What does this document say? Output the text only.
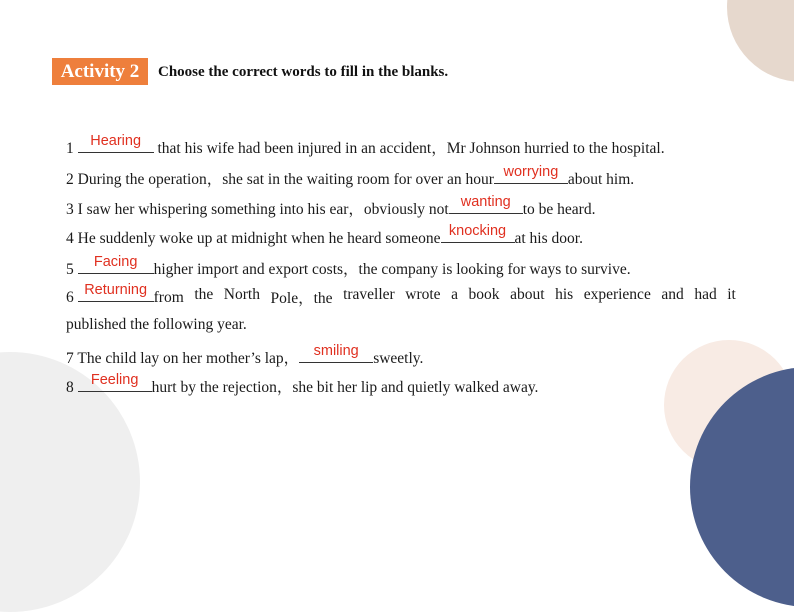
Activity 2	Choose the correct words to fill in the blanks.
1	Hearing	that his wife had been injured in an accident，Mr Johnson hurried to the hospital.
2 During the operation，she sat in the waiting room for over an hour worrying about him.
3 I saw her whispering something into his ear，obviously not wanting to be heard.
4 He suddenly woke up at midnight when he heard someone knocking at his door.
5	Facing	higher import and export costs，the company is looking for ways to survive.
6 Returning from the North Pole，the traveller wrote a book about his experience and had it
published the following year.
7 The child lay on her mother’s lap， smiling sweetly.
8	Feeling hurt by the rejection，she bit her lip and quietly walked away.
